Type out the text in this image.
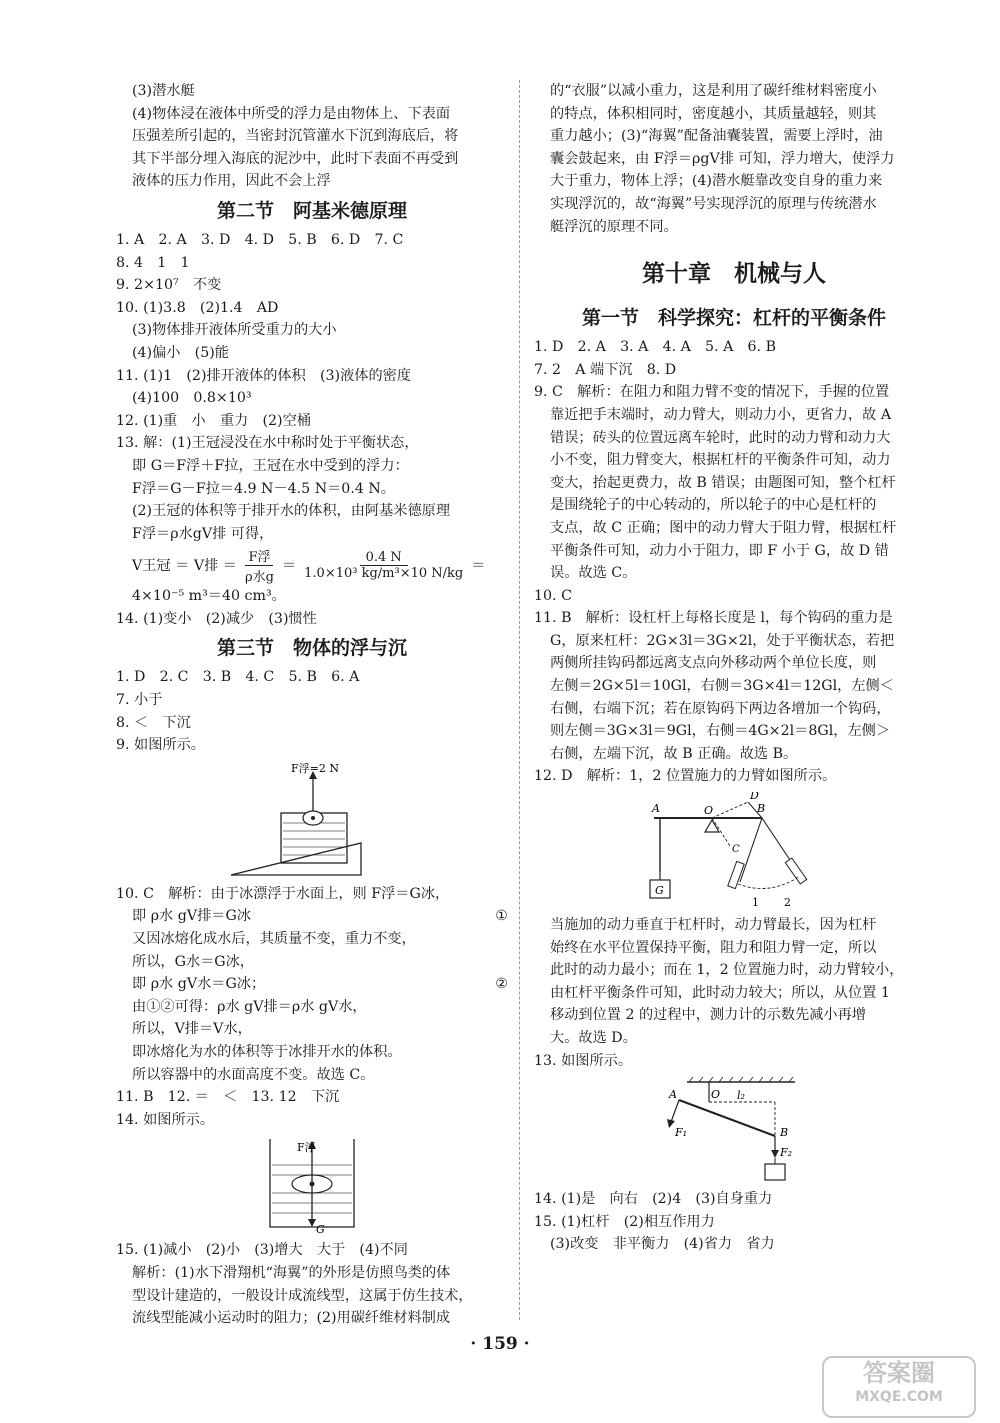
(3)潜水艇
(4)物体浸在液体中所受的浮力是由物体上、下表面
压强差所引起的，当密封沉管灌水下沉到海底后，将
其下半部分埋入海底的泥沙中，此时下表面不再受到
液体的压力作用，因此不会上浮
第二节　阿基米德原理
1. A　2. A　3. D　4. D　5. B　6. D　7. C
8. 4　1　1
9. 2×10⁷　不变
10. (1)3.8　(2)1.4　AD
(3)物体排开液体所受重力的大小
(4)偏小　(5)能
11. (1)1　(2)排开液体的体积　(3)液体的密度
(4)100　0.8×10³
12. (1)重　小　重力　(2)空桶
13. 解：(1)王冠浸没在水中称时处于平衡状态，
即 G＝F浮＋F拉，王冠在水中受到的浮力：
F浮＝G－F拉＝4.9 N－4.5 N＝0.4 N。
(2)王冠的体积等于排开水的体积，由阿基米德原理
F浮＝ρ水gV排 可得，
V王冠 ＝ V排 ＝
F浮
ρ水g
＝ $\frac{0.4 N}{\text{1.0×10³ kg/m³×10 N/kg}}$ ＝
4×10⁻⁵ m³＝40 cm³。
14. (1)变小　(2)减少　(3)惯性
第三节　物体的浮与沉
1. D　2. C　3. B　4. C　5. B　6. A
7. 小于
8. ＜　下沉
9. 如图所示。
F浮=2 N
10. C　解析：由于冰漂浮于水面上，则 F浮＝G冰，
即 ρ水 gV排＝G冰	①
又因冰熔化成水后，其质量不变，重力不变，
所以，G水＝G冰，
即 ρ水 gV水＝G冰；	②
由①②可得：ρ水 gV排＝ρ水 gV水，
所以，V排＝V水，
即冰熔化为水的体积等于冰排开水的体积。
所以容器中的水面高度不变。故选 C。
11. B　12. ＝　＜　13. 12　下沉
14. 如图所示。
F浮
G
15. (1)减小　(2)小　(3)增大　大于　(4)不同
解析：(1)水下滑翔机“海翼”的外形是仿照鸟类的体
型设计建造的，一般设计成流线型，这属于仿生技术，
流线型能减小运动时的阻力；(2)用碳纤维材料制成
的“衣服”以减小重力，这是利用了碳纤维材料密度小
的特点，体积相同时，密度越小，其质量越轻，则其
重力越小；(3)“海翼”配备油囊装置，需要上浮时，油
囊会鼓起来，由 F浮＝ρgV排 可知，浮力增大，使浮力
大于重力，物体上浮；(4)潜水艇靠改变自身的重力来
实现浮沉的，故“海翼”号实现浮沉的原理与传统潜水
艇浮沉的原理不同。
第十章　机械与人
第一节　科学探究：杠杆的平衡条件
1. D　2. A　3. A　4. A　5. A　6. B
7. 2　A 端下沉　8. D
9. C　解析：在阻力和阻力臂不变的情况下，手握的位置
靠近把手末端时，动力臂大，则动力小，更省力，故 A
错误；砖头的位置远离车轮时，此时的动力臂和动力大
小不变，阻力臂变大，根据杠杆的平衡条件可知，动力
变大，抬起更费力，故 B 错误；由题图可知，整个杠杆
是围绕轮子的中心转动的，所以轮子的中心是杠杆的
支点，故 C 正确；图中的动力臂大于阻力臂，根据杠杆
平衡条件可知，动力小于阻力，即 F 小于 G，故 D 错
误。故选 C。
10. C
11. B　解析：设杠杆上每格长度是 l，每个钩码的重力是
G，原来杠杆：2G×3l＝3G×2l，处于平衡状态，若把
两侧所挂钩码都远离支点向外移动两个单位长度，则
左侧＝2G×5l＝10Gl，右侧＝3G×4l＝12Gl，左侧＜
右侧，右端下沉；若在原钩码下两边各增加一个钩码，
则左侧＝3G×3l＝9Gl，右侧＝4G×2l＝8Gl，左侧＞
右侧，左端下沉，故 B 正确。故选 B。
12. D　解析：1，2 位置施力的力臂如图所示。
G
A	O	B
D
C
1 2
当施加的动力垂直于杠杆时，动力臂最长，因为杠杆
始终在水平位置保持平衡，阻力和阻力臂一定，所以
此时的动力最小；而在 1，2 位置施力时，动力臂较小，
由杠杆平衡条件可知，此时动力较大；所以，从位置 1
移动到位置 2 的过程中，测力计的示数先减小再增
大。故选 D。
13. 如图所示。
A	O l₂
B
F₁
F₂
14. (1)是　向右　(2)4　(3)自身重力
15. (1)杠杆　(2)相互作用力
(3)改变　非平衡力　(4)省力　省力
· 159 ·
答案圈
MXQE.COM
